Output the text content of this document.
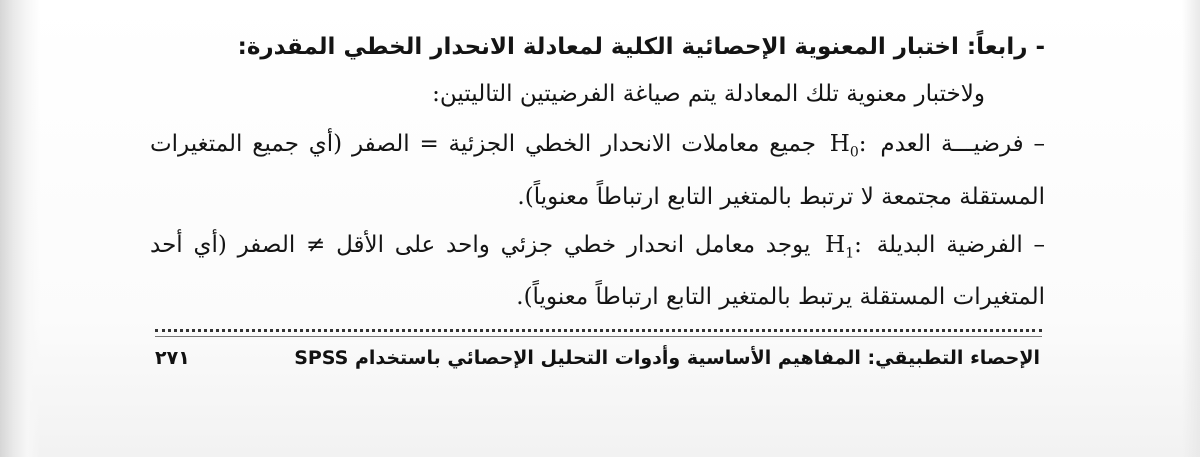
- رابعاً: اختبار المعنوية الإحصائية الكلية لمعادلة الانحدار الخطي المقدرة:
ولاختبار معنوية تلك المعادلة يتم صياغة الفرضيتين التاليتين:
– فرضيـــة العدم $H_0$: جميع معاملات الانحدار الخطي الجزئية = الصفر (أي جميع المتغيرات المستقلة مجتمعة لا ترتبط بالمتغير التابع ارتباطاً معنوياً).
– الفرضية البديلة $H_1$: يوجد معامل انحدار خطي جزئي واحد على الأقل ≠ الصفر (أي أحد المتغيرات المستقلة يرتبط بالمتغير التابع ارتباطاً معنوياً).
الإحصاء التطبيقي: المفاهيم الأساسية وأدوات التحليل الإحصائي باستخدام SPSS
٢٧١
